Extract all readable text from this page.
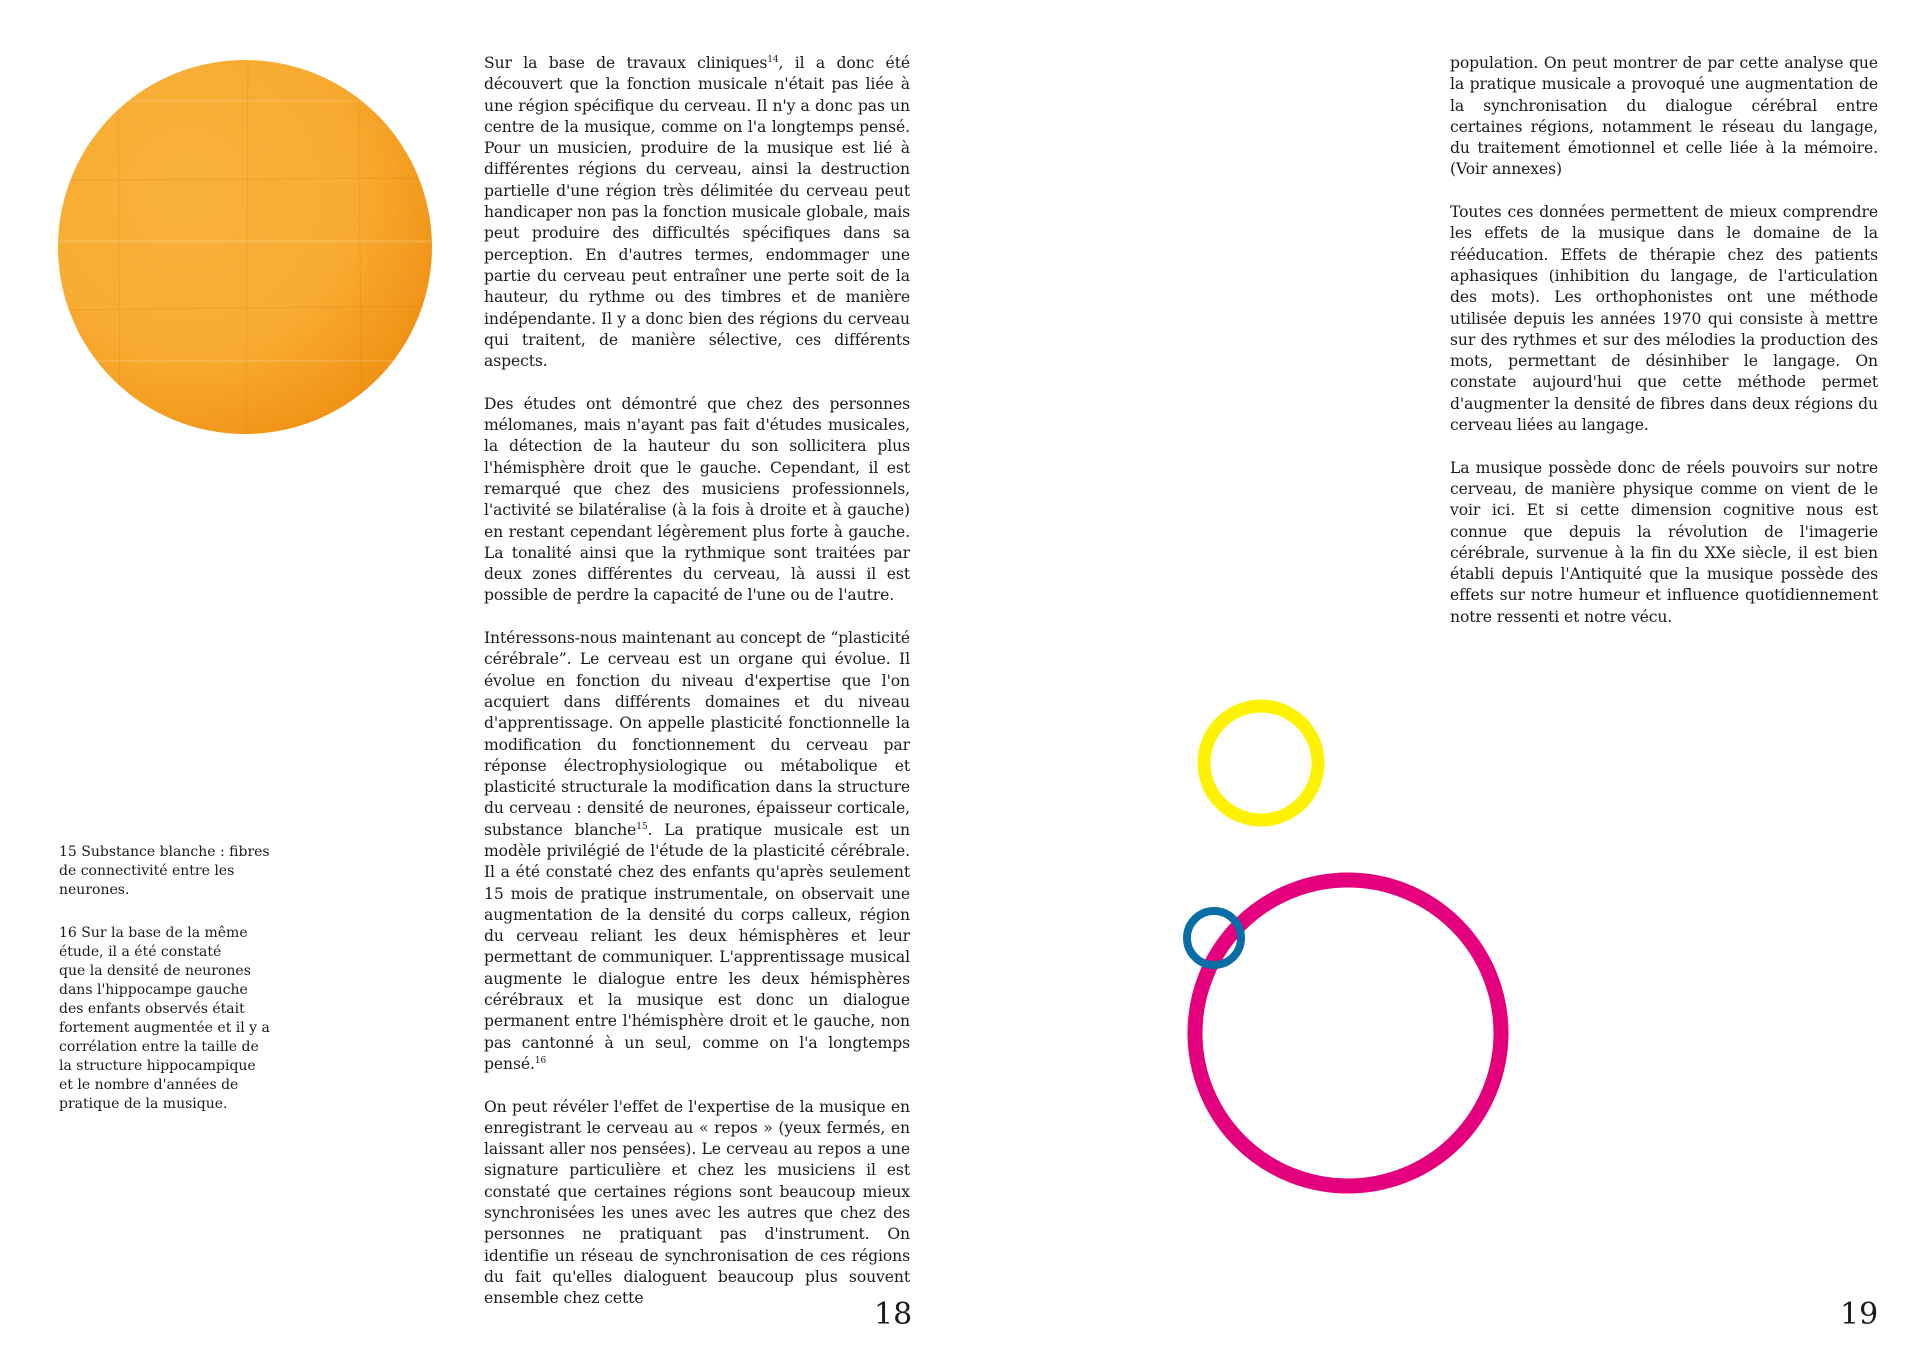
15 Substance blanche : fibres
de connectivité entre les
neurones.

16 Sur la base de la même
étude, il a été constaté
que la densité de neurones
dans l'hippocampe gauche
des enfants observés était
fortement augmentée et il y a
corrélation entre la taille de
la structure hippocampique
et le nombre d'années de
pratique de la musique.

Sur la base de travaux cliniques$^{14}$, il a donc été découvert que la fonction musicale n'était pas liée à une région spécifique du cerveau. Il n'y a donc pas un centre de la musique, comme on l'a longtemps pensé. Pour un musicien, produire de la musique est lié à différentes régions du cerveau, ainsi la destruction partielle d'une région très délimitée du cerveau peut handicaper non pas la fonction musicale globale, mais peut produire des difficultés spécifiques dans sa perception. En d'autres termes, endommager une partie du cerveau peut entraîner une perte soit de la hauteur, du rythme ou des timbres et de manière indépendante. Il y a donc bien des régions du cerveau qui traitent, de manière sélective, ces différents aspects.

Des études ont démontré que chez des personnes mélomanes, mais n'ayant pas fait d'études musicales, la détection de la hauteur du son sollicitera plus l'hémisphère droit que le gauche. Cependant, il est remarqué que chez des musiciens professionnels, l'activité se bilatéralise (à la fois à droite et à gauche) en restant cependant légèrement plus forte à gauche. La tonalité ainsi que la rythmique sont traitées par deux zones différentes du cerveau, là aussi il est possible de perdre la capacité de l'une ou de l'autre.

Intéressons-nous maintenant au concept de “plasticité cérébrale”. Le cerveau est un organe qui évolue. Il évolue en fonction du niveau d'expertise que l'on acquiert dans différents domaines et du niveau d'apprentissage. On appelle plasticité fonctionnelle la modification du fonctionnement du cerveau par réponse électrophysiologique ou métabolique et plasticité structurale la modification dans la structure du cerveau : densité de neurones, épaisseur corticale, substance blanche$^{15}$. La pratique musicale est un modèle privilégié de l'étude de la plasticité cérébrale. Il a été constaté chez des enfants qu'après seulement 15 mois de pratique instrumentale, on observait une augmentation de la densité du corps calleux, région du cerveau reliant les deux hémisphères et leur permettant de communiquer. L'apprentissage musical augmente le dialogue entre les deux hémisphères cérébraux et la musique est donc un dialogue permanent entre l'hémisphère droit et le gauche, non pas cantonné à un seul, comme on l'a longtemps pensé.$^{16}$

On peut révéler l'effet de l'expertise de la musique en enregistrant le cerveau au « repos » (yeux fermés, en laissant aller nos pensées). Le cerveau au repos a une signature particulière et chez les musiciens il est constaté que certaines régions sont beaucoup mieux synchronisées les unes avec les autres que chez des personnes ne pratiquant pas d'instrument. On identifie un réseau de synchronisation de ces régions du fait qu'elles dialoguent beaucoup plus souvent ensemble chez cette	18

population. On peut montrer de par cette analyse que la pratique musicale a provoqué une augmentation de la synchronisation du dialogue cérébral entre certaines régions, notamment le réseau du langage, du traitement émotionnel et celle liée à la mémoire. (Voir annexes)

Toutes ces données permettent de mieux comprendre les effets de la musique dans le domaine de la rééducation. Effets de thérapie chez des patients aphasiques (inhibition du langage, de l'articulation des mots). Les orthophonistes ont une méthode utilisée depuis les années 1970 qui consiste à mettre sur des rythmes et sur des mélodies la production des mots, permettant de désinhiber le langage. On constate aujourd'hui que cette méthode permet d'augmenter la densité de fibres dans deux régions du cerveau liées au langage.

La musique possède donc de réels pouvoirs sur notre cerveau, de manière physique comme on vient de le voir ici. Et si cette dimension cognitive nous est connue que depuis la révolution de l'imagerie cérébrale, survenue à la fin du XXe siècle, il est bien établi depuis l'Antiquité que la musique possède des effets sur notre humeur et influence quotidiennement notre ressenti et notre vécu.

19
